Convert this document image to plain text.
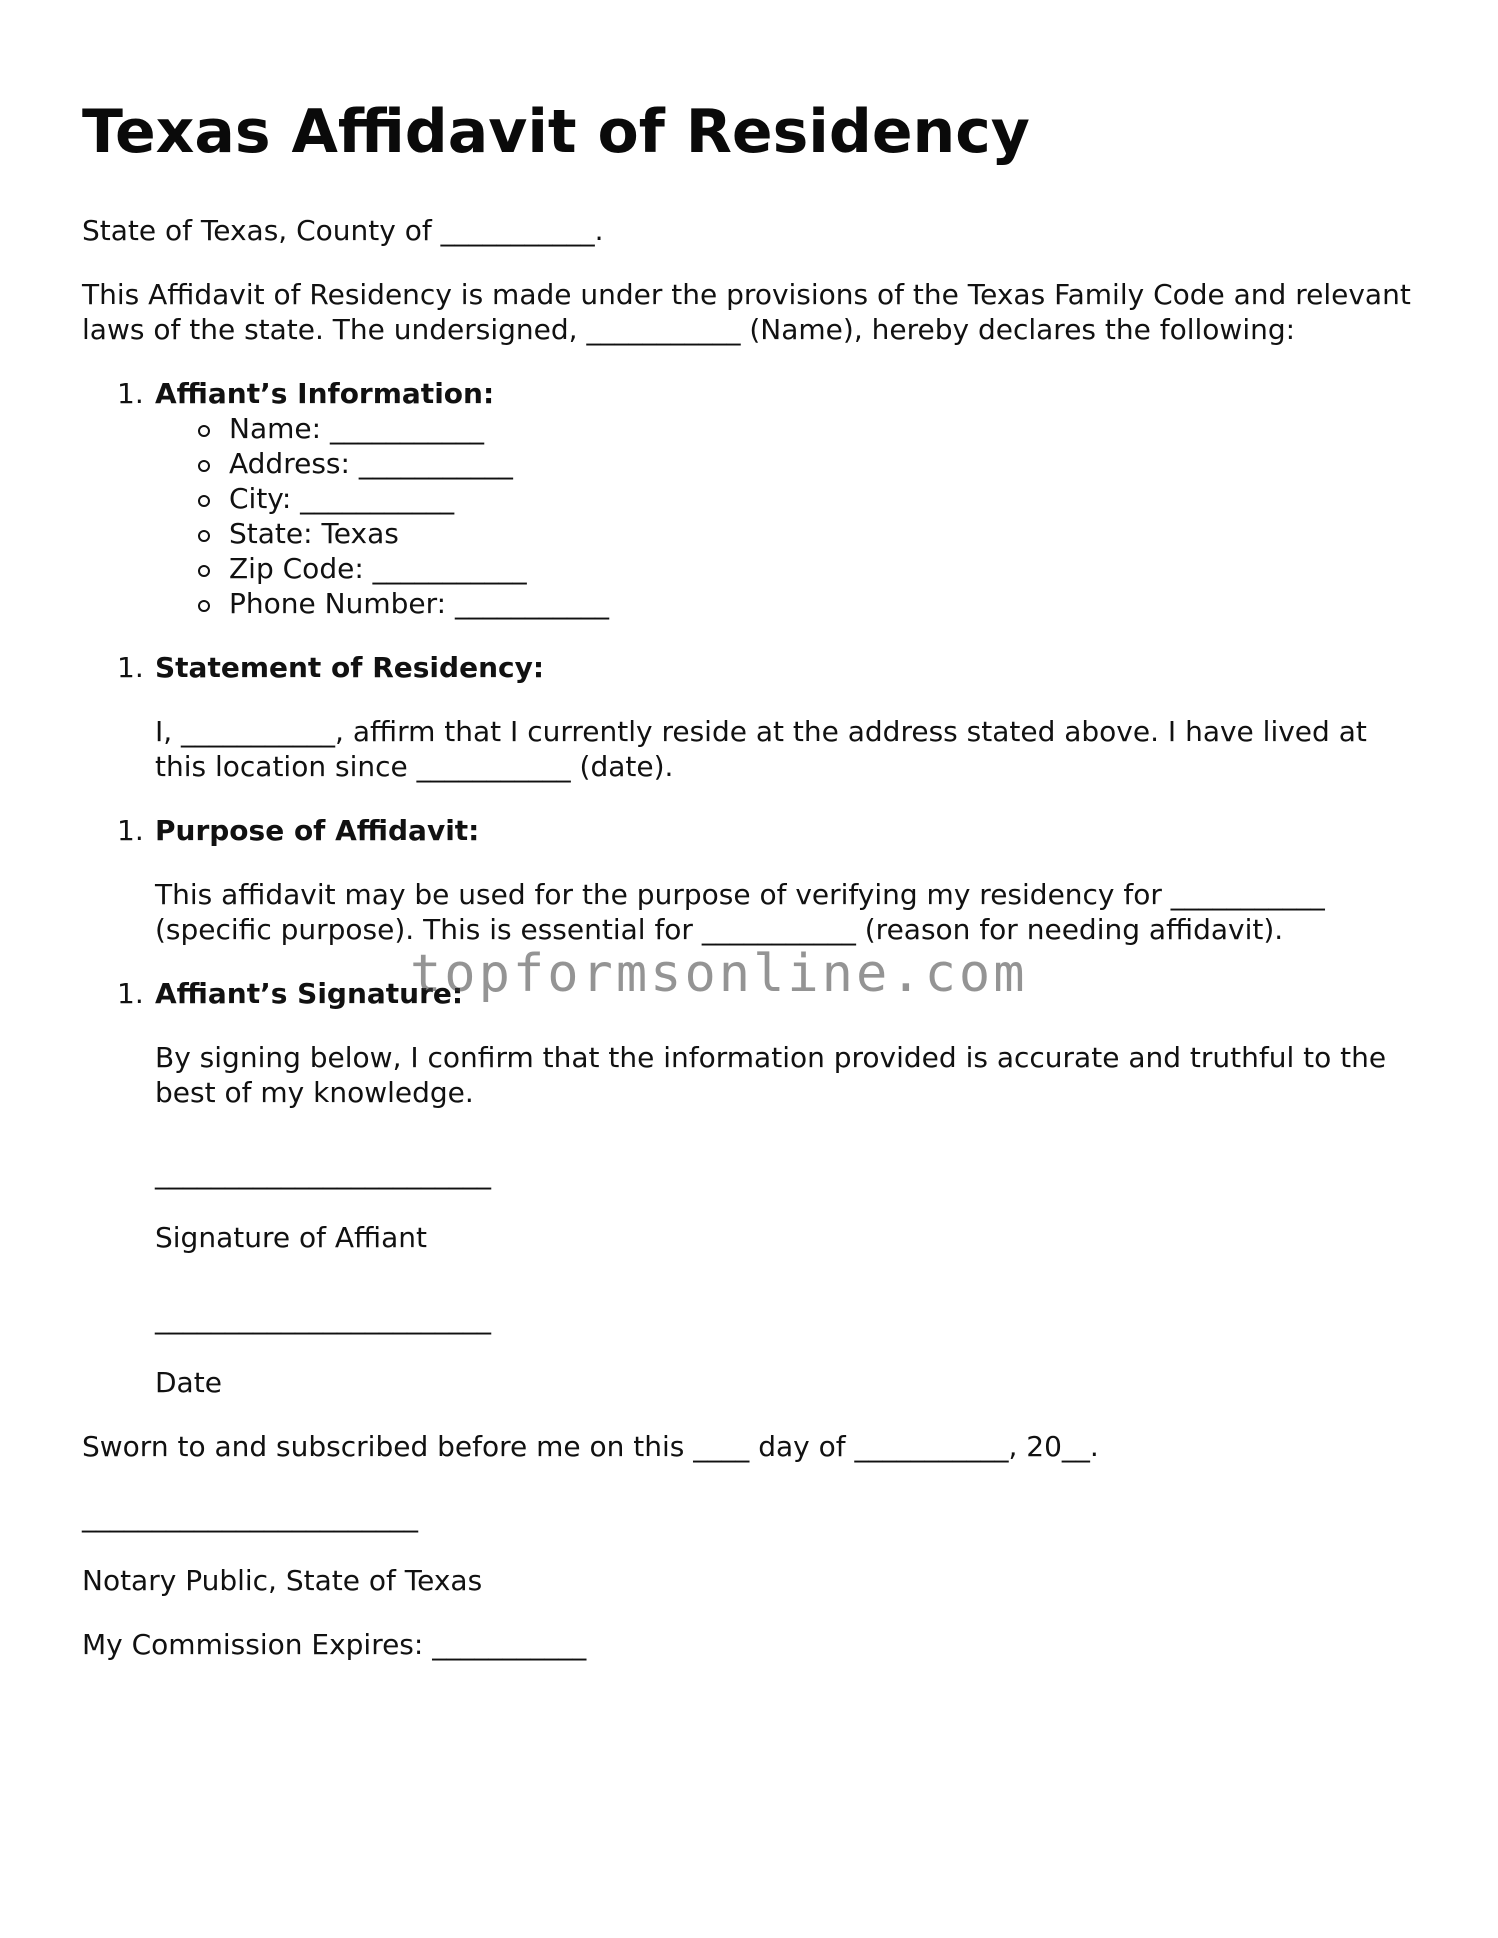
Texas Affidavit of Residency

State of Texas, County of ___________.

This Affidavit of Residency is made under the provisions of the Texas Family Code and relevant laws of the state. The undersigned, ___________ (Name), hereby declares the following:

1. Affiant’s Information:
Name: ___________
Address: ___________
City: ___________
State: Texas
Zip Code: ___________
Phone Number: ___________
1. Statement of Residency:

I, ___________, affirm that I currently reside at the address stated above. I have lived at this location since ___________ (date).

1. Purpose of Affidavit:

This affidavit may be used for the purpose of verifying my residency for ___________ (specific purpose). This is essential for ___________ (reason for needing affidavit).

1. Affiant’s Signature:

By signing below, I confirm that the information provided is accurate and truthful to the best of my knowledge.

________________________

Signature of Affiant

________________________

Date

Sworn to and subscribed before me on this ____ day of ___________, 20__.

________________________

Notary Public, State of Texas

My Commission Expires: ___________

topformsonline.com
